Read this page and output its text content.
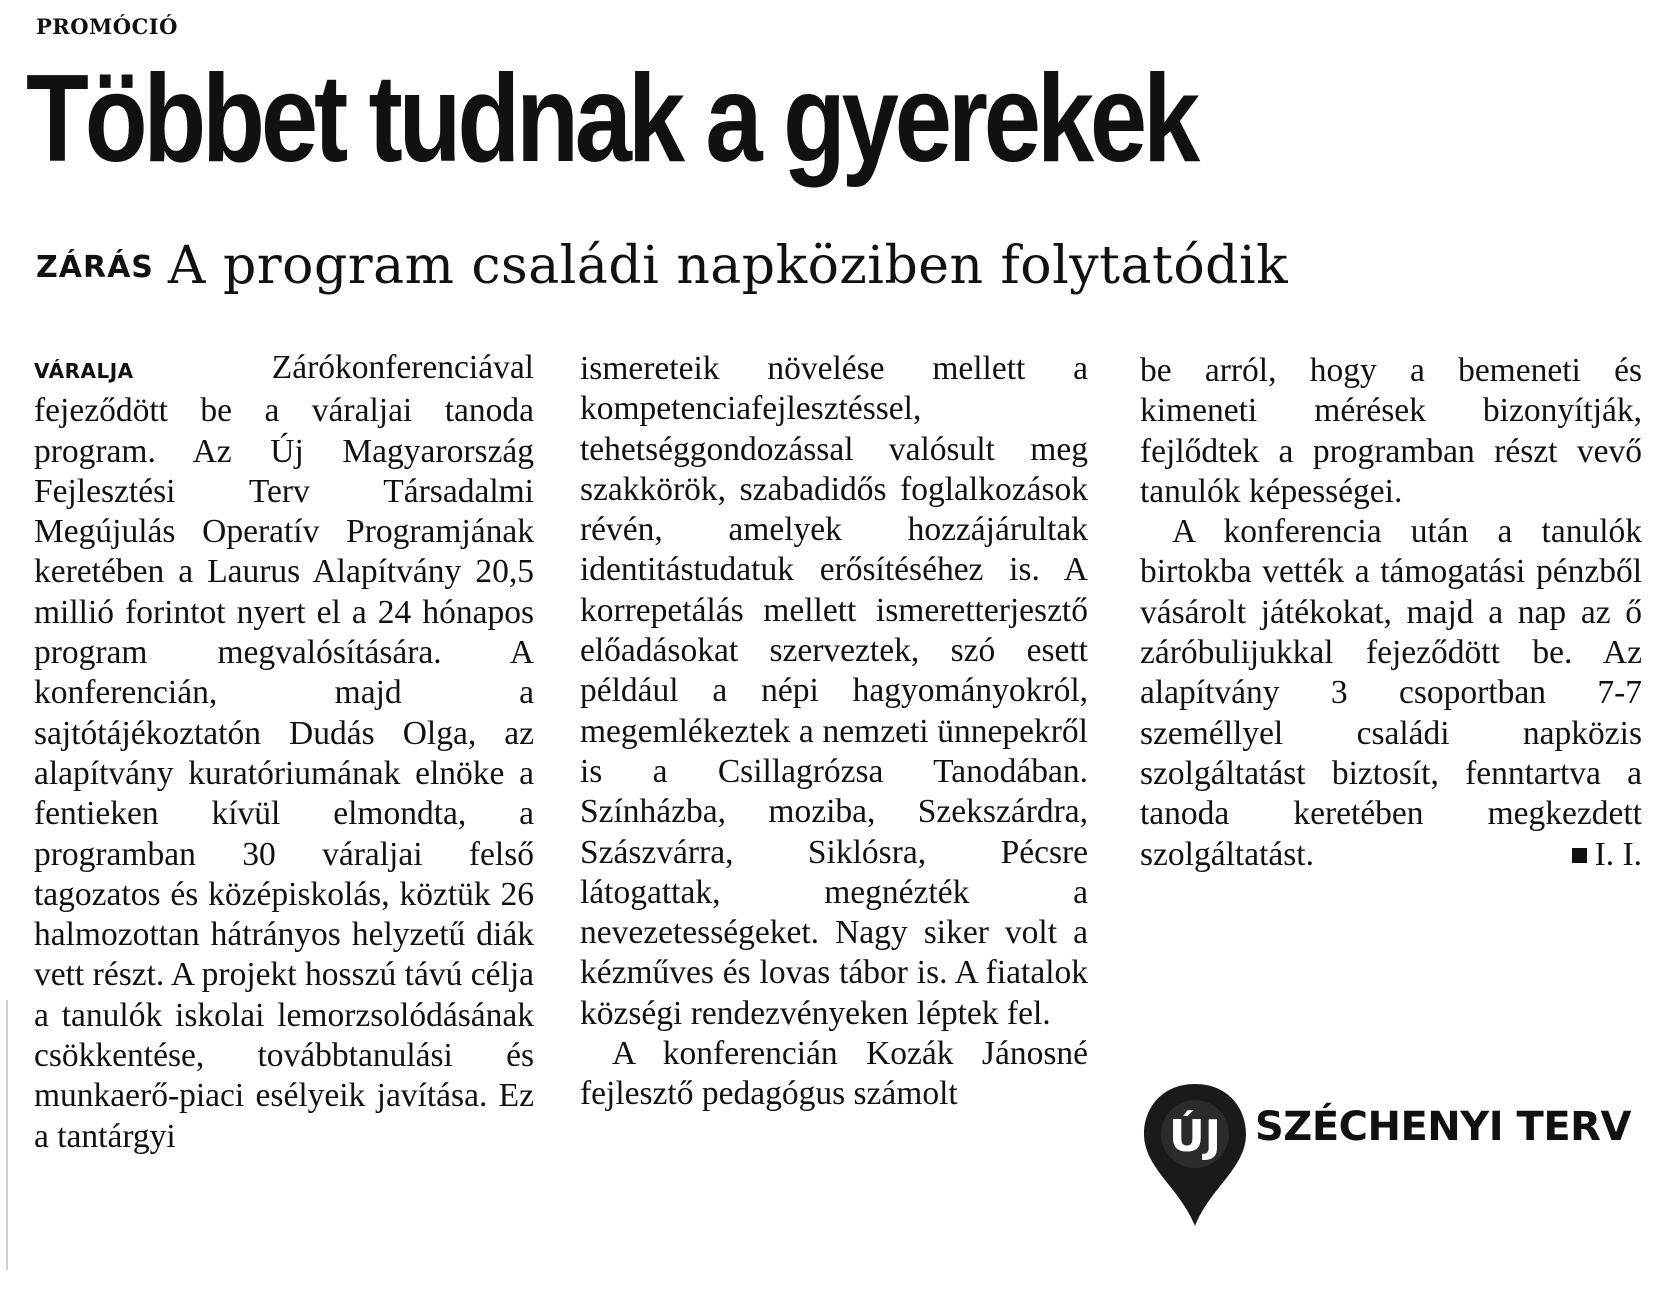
PROMÓCIÓ
Többet tudnak a gyerekek
ZÁRÁS A program családi napköziben folytatódik

VÁRALJA	Zárókonferenciával fejeződött be a váraljai tanoda program. Az Új Magyarország Fejlesztési Terv Társadalmi Megújulás Operatív Programjának keretében a Laurus Alapítvány 20,5 millió forintot nyert el a 24 hónapos program megvalósítására. A konferencián, majd a sajtótájékoztatón Dudás Olga, az alapítvány kuratóriumának elnöke a fentieken kívül elmondta, a programban 30 váraljai felső tagozatos és középiskolás, köztük 26 halmozottan hátrányos helyzetű diák vett részt. A projekt hosszú távú célja a tanulók iskolai lemorzsolódásának csökkentése, továbbtanulási és munkaerő-piaci esélyeik javítása. Ez a tantárgyi

ismereteik növelése mellett a kompetenciafejlesztéssel, tehetséggondozással valósult meg szakkörök, szabadidős foglalkozások révén, amelyek hozzájárultak identitástudatuk erősítéséhez is. A korrepetálás mellett ismeretterjesztő előadásokat szerveztek, szó esett például a népi hagyományokról, megemlékeztek a nemzeti ünnepekről is a Csillagrózsa Tanodában. Színházba, moziba, Szekszárdra, Szászvárra, Siklósra, Pécsre látogattak, megnézték a nevezetességeket. Nagy siker volt a kézműves és lovas tábor is. A fiatalok községi rendezvényeken léptek fel.

A konferencián Kozák Jánosné fejlesztő pedagógus számolt

be arról, hogy a bemeneti és kimeneti mérések bizonyítják, fejlődtek a programban részt vevő tanulók képességei.

A konferencia után a tanulók birtokba vették a támogatási pénzből vásárolt játékokat, majd a nap az ő záróbulijukkal fejeződött be. Az alapítvány 3 csoportban 7-7 személlyel családi napközis szolgáltatást biztosít, fenntartva a tanoda keretében megkezdett szolgáltatást.	I. I.

ÚJ SZÉCHENYI TERV
